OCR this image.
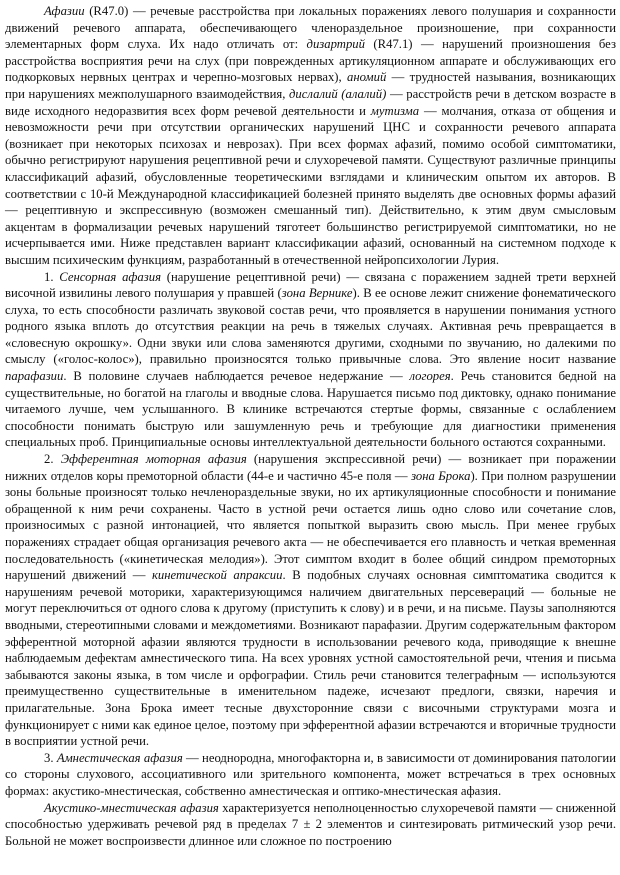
Афазии (R47.0) — речевые расстройства при локальных поражениях левого полушария и сохранности движений речевого аппарата, обеспечивающего членораздельное произношение, при сохранности элементарных форм слуха. Их надо отличать от: дизартрий (R47.1) — нарушений произношения без расстройства восприятия речи на слух (при поврежденных артикуляционном аппарате и обслуживающих его подкорковых нервных центрах и черепно-мозговых нервах), аномий — трудностей называния, возникающих при нарушениях межполушарного взаимодействия, дислалий (алалий) — расстройств речи в детском возрасте в виде исходного недоразвития всех форм речевой деятельности и мутизма — молчания, отказа от общения и невозможности речи при отсутствии органических нарушений ЦНС и сохранности речевого аппарата (возникает при некоторых психозах и неврозах). При всех формах афазий, помимо особой симптоматики, обычно регистрируют нарушения рецептивной речи и слухоречевой памяти. Существуют различные принципы классификаций афазий, обусловленные теоретическими взглядами и клиническим опытом их авторов. В соответствии с 10-й Международной классификацией болезней принято выделять две основных формы афазий — рецептивную и экспрессивную (возможен смешанный тип). Действительно, к этим двум смысловым акцентам в формализации речевых нарушений тяготеет большинство регистрируемой симптоматики, но не исчерпывается ими. Ниже представлен вариант классификации афазий, основанный на системном подходе к высшим психическим функциям, разработанный в отечественной нейропсихологии Лурия.

1. Сенсорная афазия (нарушение рецептивной речи) — связана с поражением задней трети верхней височной извилины левого полушария у правшей (зона Вернике). В ее основе лежит снижение фонематического слуха, то есть способности различать звуковой состав речи, что проявляется в нарушении понимания устного родного языка вплоть до отсутствия реакции на речь в тяжелых случаях. Активная речь превращается в «словесную окрошку». Одни звуки или слова заменяются другими, сходными по звучанию, но далекими по смыслу («голос-колос»), правильно произносятся только привычные слова. Это явление носит название парафазии. В половине случаев наблюдается речевое недержание — логорея. Речь становится бедной на существительные, но богатой на глаголы и вводные слова. Нарушается письмо под диктовку, однако понимание читаемого лучше, чем услышанного. В клинике встречаются стертые формы, связанные с ослаблением способности понимать быструю или зашумленную речь и требующие для диагностики применения специальных проб. Принципиальные основы интеллектуальной деятельности больного остаются сохранными.

2. Эфферентная моторная афазия (нарушения экспрессивной речи) — возникает при поражении нижних отделов коры премоторной области (44-е и частично 45-е поля — зона Брока). При полном разрушении зоны больные произносят только нечленораздельные звуки, но их артикуляционные способности и понимание обращенной к ним речи сохранены. Часто в устной речи остается лишь одно слово или сочетание слов, произносимых с разной интонацией, что является попыткой выразить свою мысль. При менее грубых поражениях страдает общая организация речевого акта — не обеспечивается его плавность и четкая временная последовательность («кинетическая мелодия»). Этот симптом входит в более общий синдром премоторных нарушений движений — кинетической апраксии. В подобных случаях основная симптоматика сводится к нарушениям речевой моторики, характеризующимся наличием двигательных персевераций — больные не могут переключиться от одного слова к другому (приступить к слову) и в речи, и на письме. Паузы заполняются вводными, стереотипными словами и междометиями. Возникают парафазии. Другим содержательным фактором эфферентной моторной афазии являются трудности в использовании речевого кода, приводящие к внешне наблюдаемым дефектам амнестического типа. На всех уровнях устной самостоятельной речи, чтения и письма забываются законы языка, в том числе и орфографии. Стиль речи становится телеграфным — используются преимущественно существительные в именительном падеже, исчезают предлоги, связки, наречия и прилагательные. Зона Брока имеет тесные двухсторонние связи с височными структурами мозга и функционирует с ними как единое целое, поэтому при эфферентной афазии встречаются и вторичные трудности в восприятии устной речи.

3. Амнестическая афазия — неоднородна, многофакторна и, в зависимости от доминирования патологии со стороны слухового, ассоциативного или зрительного компонента, может встречаться в трех основных формах: акустико-мнестическая, собственно амнестическая и оптико-мнестическая афазия.

Акустико-мнестическая афазия характеризуется неполноценностью слухоречевой памяти — сниженной способностью удерживать речевой ряд в пределах 7 ± 2 элементов и синтезировать ритмический узор речи. Больной не может воспроизвести длинное или сложное по построению
